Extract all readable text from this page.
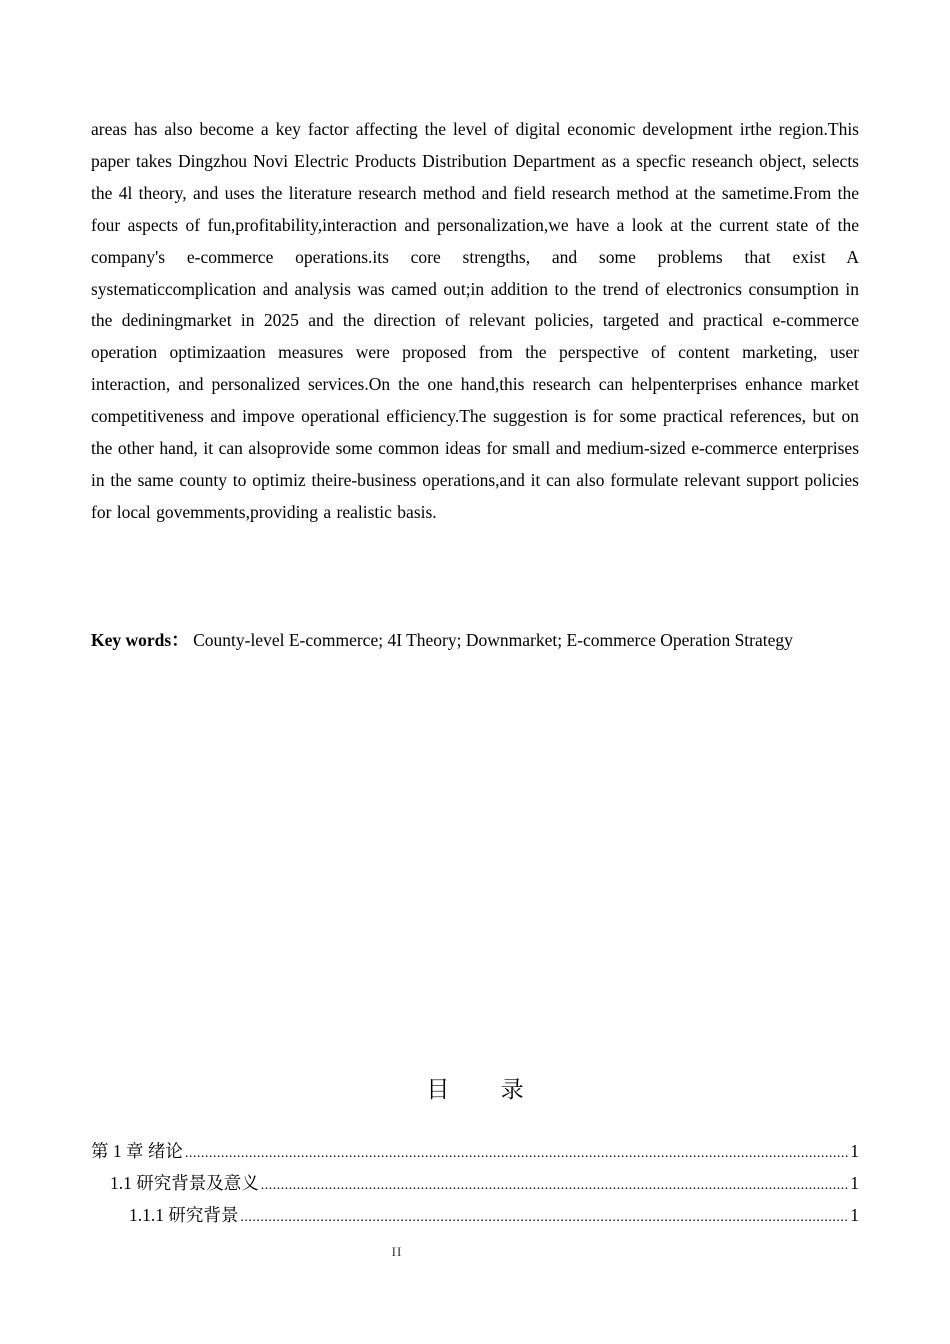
areas has also become a key factor affecting the level of digital economic development irthe region.This paper takes Dingzhou Novi Electric Products Distribution Department as a specfic reseanch object, selects the 4l theory, and uses the literature research method and field research method at the sametime.From the four aspects of fun,profitability,interaction and personalization,we have a look at the current state of the company's e-commerce operations.its core strengths, and some problems that exist A systematiccomplication and analysis was camed out;in addition to the trend of electronics consumption in the dediningmarket in 2025 and the direction of relevant policies, targeted and practical e-commerce operation optimizaation measures were proposed from the perspective of content marketing, user interaction, and personalized services.On the one hand,this research can helpenterprises enhance market competitiveness and impove operational efficiency.The suggestion is for some practical references, but on the other hand, it can alsoprovide some common ideas for small and medium-sized e-commerce enterprises in the same county to optimiz theire-business operations,and it can also formulate relevant support policies for local govemments,providing a realistic basis.

Key words： County-level E-commerce; 4I Theory; Downmarket; E-commerce Operation Strategy

目 录
第 1 章 绪论 .....	1
1.1 研究背景及意义 .....	1
1.1.1 研究背景 .....	1
II
